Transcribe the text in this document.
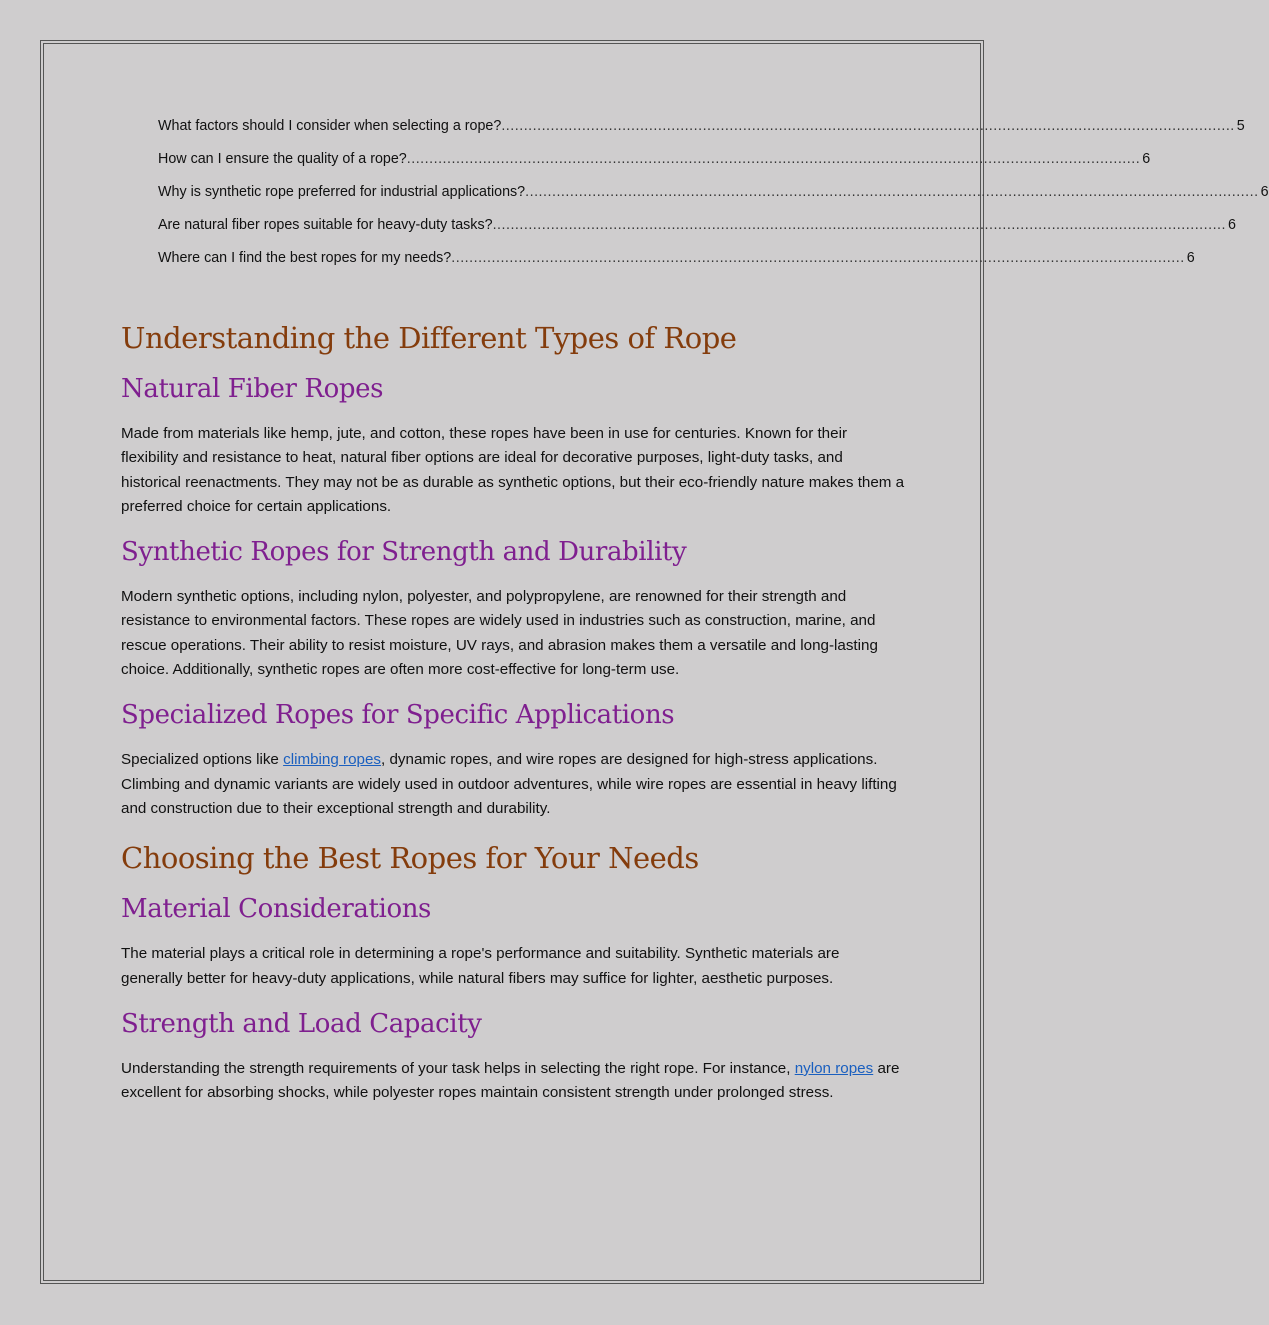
What factors should I consider when selecting a rope? .................................................................................................................................................................... 5
How can I ensure the quality of a rope? .................................................................................................................................................................... 6
Why is synthetic rope preferred for industrial applications? .................................................................................................................................................................... 6
Are natural fiber ropes suitable for heavy-duty tasks? .................................................................................................................................................................... 6
Where can I find the best ropes for my needs? .................................................................................................................................................................... 6
Understanding the Different Types of Rope
Natural Fiber Ropes

Made from materials like hemp, jute, and cotton, these ropes have been in use for centuries. Known for their flexibility and resistance to heat, natural fiber options are ideal for decorative purposes, light-duty tasks, and historical reenactments. They may not be as durable as synthetic options, but their eco-friendly nature makes them a preferred choice for certain applications.

Synthetic Ropes for Strength and Durability

Modern synthetic options, including nylon, polyester, and polypropylene, are renowned for their strength and resistance to environmental factors. These ropes are widely used in industries such as construction, marine, and rescue operations. Their ability to resist moisture, UV rays, and abrasion makes them a versatile and long-lasting choice. Additionally, synthetic ropes are often more cost-effective for long-term use.

Specialized Ropes for Specific Applications

Specialized options like climbing ropes, dynamic ropes, and wire ropes are designed for high-stress applications. Climbing and dynamic variants are widely used in outdoor adventures, while wire ropes are essential in heavy lifting and construction due to their exceptional strength and durability.

Choosing the Best Ropes for Your Needs
Material Considerations

The material plays a critical role in determining a rope's performance and suitability. Synthetic materials are generally better for heavy-duty applications, while natural fibers may suffice for lighter, aesthetic purposes.

Strength and Load Capacity

Understanding the strength requirements of your task helps in selecting the right rope. For instance, nylon ropes are excellent for absorbing shocks, while polyester ropes maintain consistent strength under prolonged stress.
